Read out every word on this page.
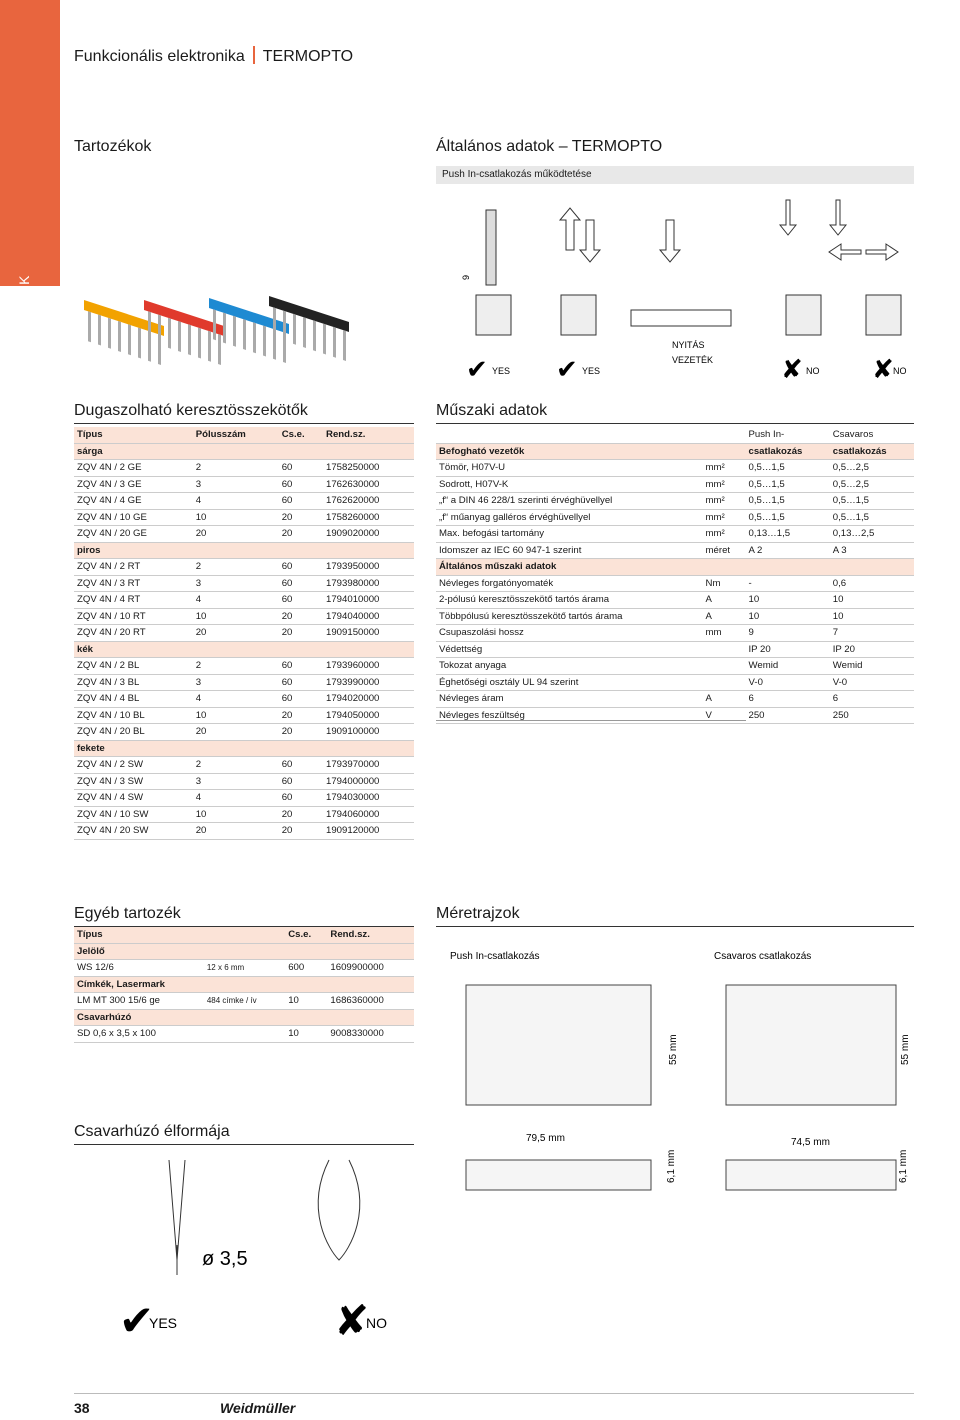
ÚJDONSÁGOK
Funkcionális elektronika TERMOPTO
Tartozékok	Általános adatok – TERMOPTO
Push In-csatlakozás működtetése
9
NYITÁS
VEZETÉK
✔ YES ✔ YES	✘ NO ✘ NO
Dugaszolható keresztösszekötők
Típus	Pólusszám	Cs.e.	Rend.sz.
sárga			
ZQV 4N / 2 GE	2	60	1758250000
ZQV 4N / 3 GE	3	60	1762630000
ZQV 4N / 4 GE	4	60	1762620000
ZQV 4N / 10 GE	10	20	1758260000
ZQV 4N / 20 GE	20	20	1909020000
piros			
ZQV 4N / 2 RT	2	60	1793950000
ZQV 4N / 3 RT	3	60	1793980000
ZQV 4N / 4 RT	4	60	1794010000
ZQV 4N / 10 RT	10	20	1794040000
ZQV 4N / 20 RT	20	20	1909150000
kék			
ZQV 4N / 2 BL	2	60	1793960000
ZQV 4N / 3 BL	3	60	1793990000
ZQV 4N / 4 BL	4	60	1794020000
ZQV 4N / 10 BL	10	20	1794050000
ZQV 4N / 20 BL	20	20	1909100000
fekete			
ZQV 4N / 2 SW	2	60	1793970000
ZQV 4N / 3 SW	3	60	1794000000
ZQV 4N / 4 SW	4	60	1794030000
ZQV 4N / 10 SW	10	20	1794060000
ZQV 4N / 20 SW	20	20	1909120000
Műszaki adatok
		Push In-	Csavaros
Befogható vezetők		csatlakozás	csatlakozás
Tömör, H07V-U	mm²	0,5…1,5	0,5…2,5
Sodrott, H07V-K	mm²	0,5…1,5	0,5…2,5
„f“ a DIN 46 228/1 szerinti érvéghüvellyel	mm²	0,5…1,5	0,5…1,5
„f“ műanyag galléros érvéghüvellyel	mm²	0,5…1,5	0,5…1,5
Max. befogási tartomány	mm²	0,13…1,5	0,13…2,5
Idomszer az IEC 60 947-1 szerint	méret	A 2	A 3
Általános műszaki adatok			
Névleges forgatónyomaték	Nm	-	0,6
2-pólusú keresztösszekötő tartós árama	A	10	10
Többpólusú keresztösszekötő tartós árama	A	10	10
Csupaszolási hossz	mm	9	7
Védettség		IP 20	IP 20
Tokozat anyaga		Wemid	Wemid
Éghetőségi osztály UL 94 szerint		V-0	V-0
Névleges áram	A	6	6
Névleges feszültség	V	250	250
Egyéb tartozék
Típus		Cs.e.	Rend.sz.
Jelölő			
WS 12/6	12 x 6 mm	600	1609900000
Címkék, Lasermark			
LM MT 300 15/6 ge	484 címke / ív	10	1686360000
Csavarhúzó			
SD 0,6 x 3,5 x 100		10	9008330000
Méretrajzok
Push In-csatlakozás	Csavaros csatlakozás
55 mm	55 mm
79,5 mm	74,5 mm
6,1 mm	6,1 mm
Csavarhúzó élformája
ø 3,5
✔
YES	✘
NO
38	Weidmüller
